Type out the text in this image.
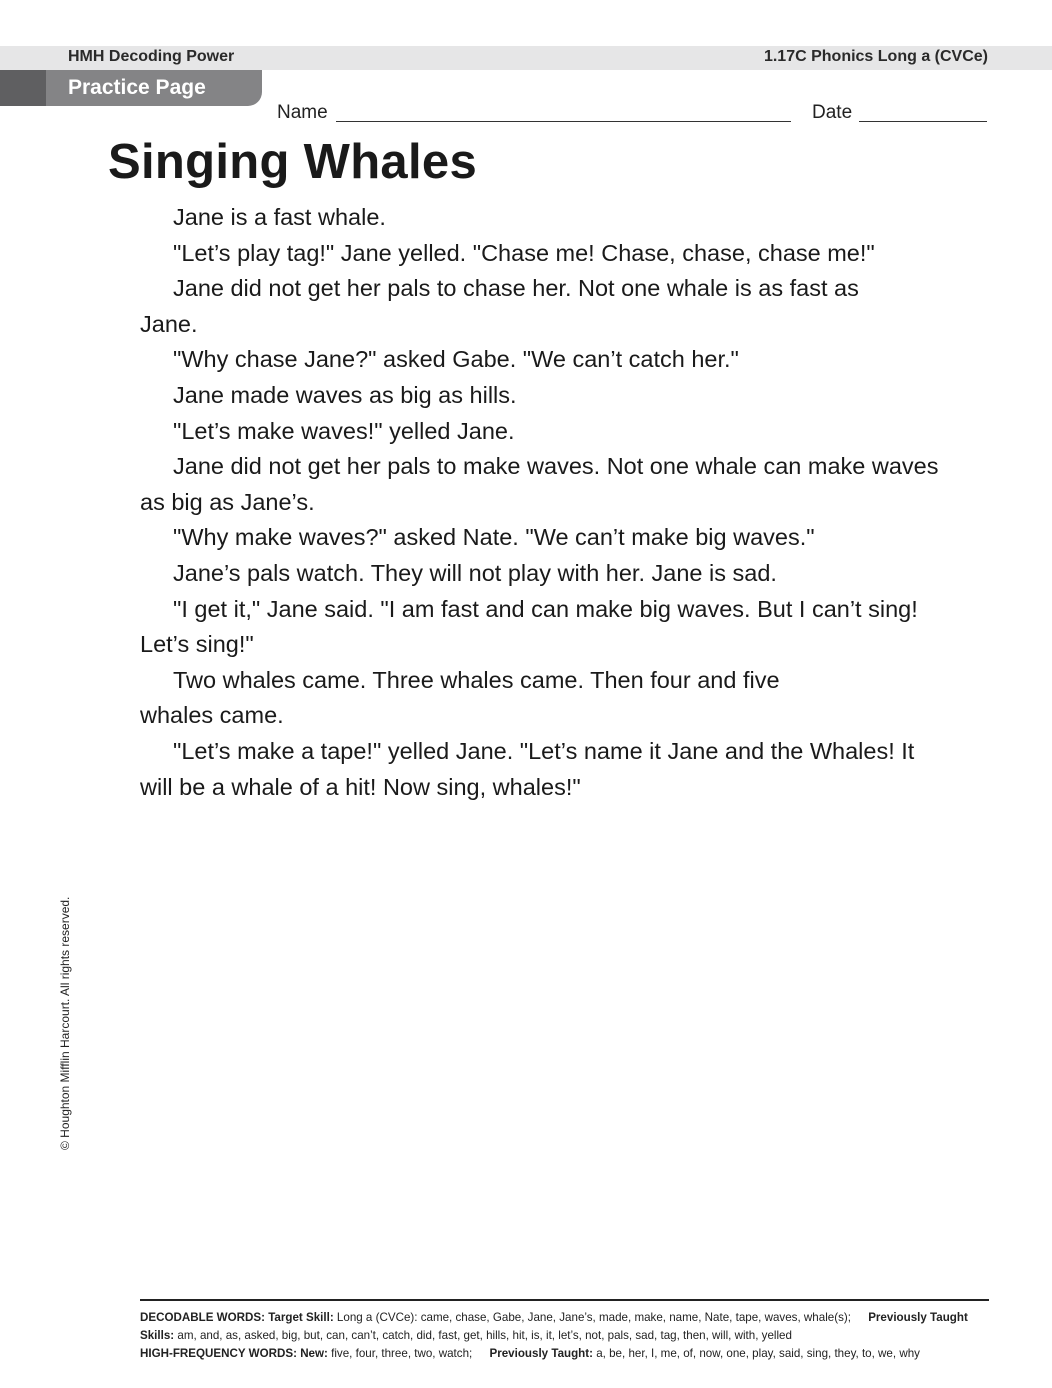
HMH Decoding Power	1.17C Phonics Long a (CVCe)
Practice Page
Name	Date
Singing Whales

Jane is a fast whale.

"Let’s play tag!" Jane yelled. "Chase me! Chase, chase, chase me!"

Jane did not get her pals to chase her. Not one whale is as fast as Jane.

"Why chase Jane?" asked Gabe. "We can’t catch her."

Jane made waves as big as hills.

"Let’s make waves!" yelled Jane.

Jane did not get her pals to make waves. Not one whale can make waves as big as Jane’s.

"Why make waves?" asked Nate. "We can’t make big waves."

Jane’s pals watch. They will not play with her. Jane is sad.

"I get it," Jane said. "I am fast and can make big waves. But I can’t sing! Let’s sing!"

Two whales came. Three whales came. Then four and five whales came.

"Let’s make a tape!" yelled Jane. "Let’s name it Jane and the Whales! It will be a whale of a hit! Now sing, whales!"

© Houghton Mifflin Harcourt. All rights reserved.
DECODABLE WORDS: Target Skill: Long a (CVCe): came, chase, Gabe, Jane, Jane’s, made, make, name, Nate, tape, waves, whale(s); Previously Taught Skills: am, and, as, asked, big, but, can, can’t, catch, did, fast, get, hills, hit, is, it, let’s, not, pals, sad, tag, then, will, with, yelled
HIGH-FREQUENCY WORDS: New: five, four, three, two, watch; Previously Taught: a, be, her, I, me, of, now, one, play, said, sing, they, to, we, why
